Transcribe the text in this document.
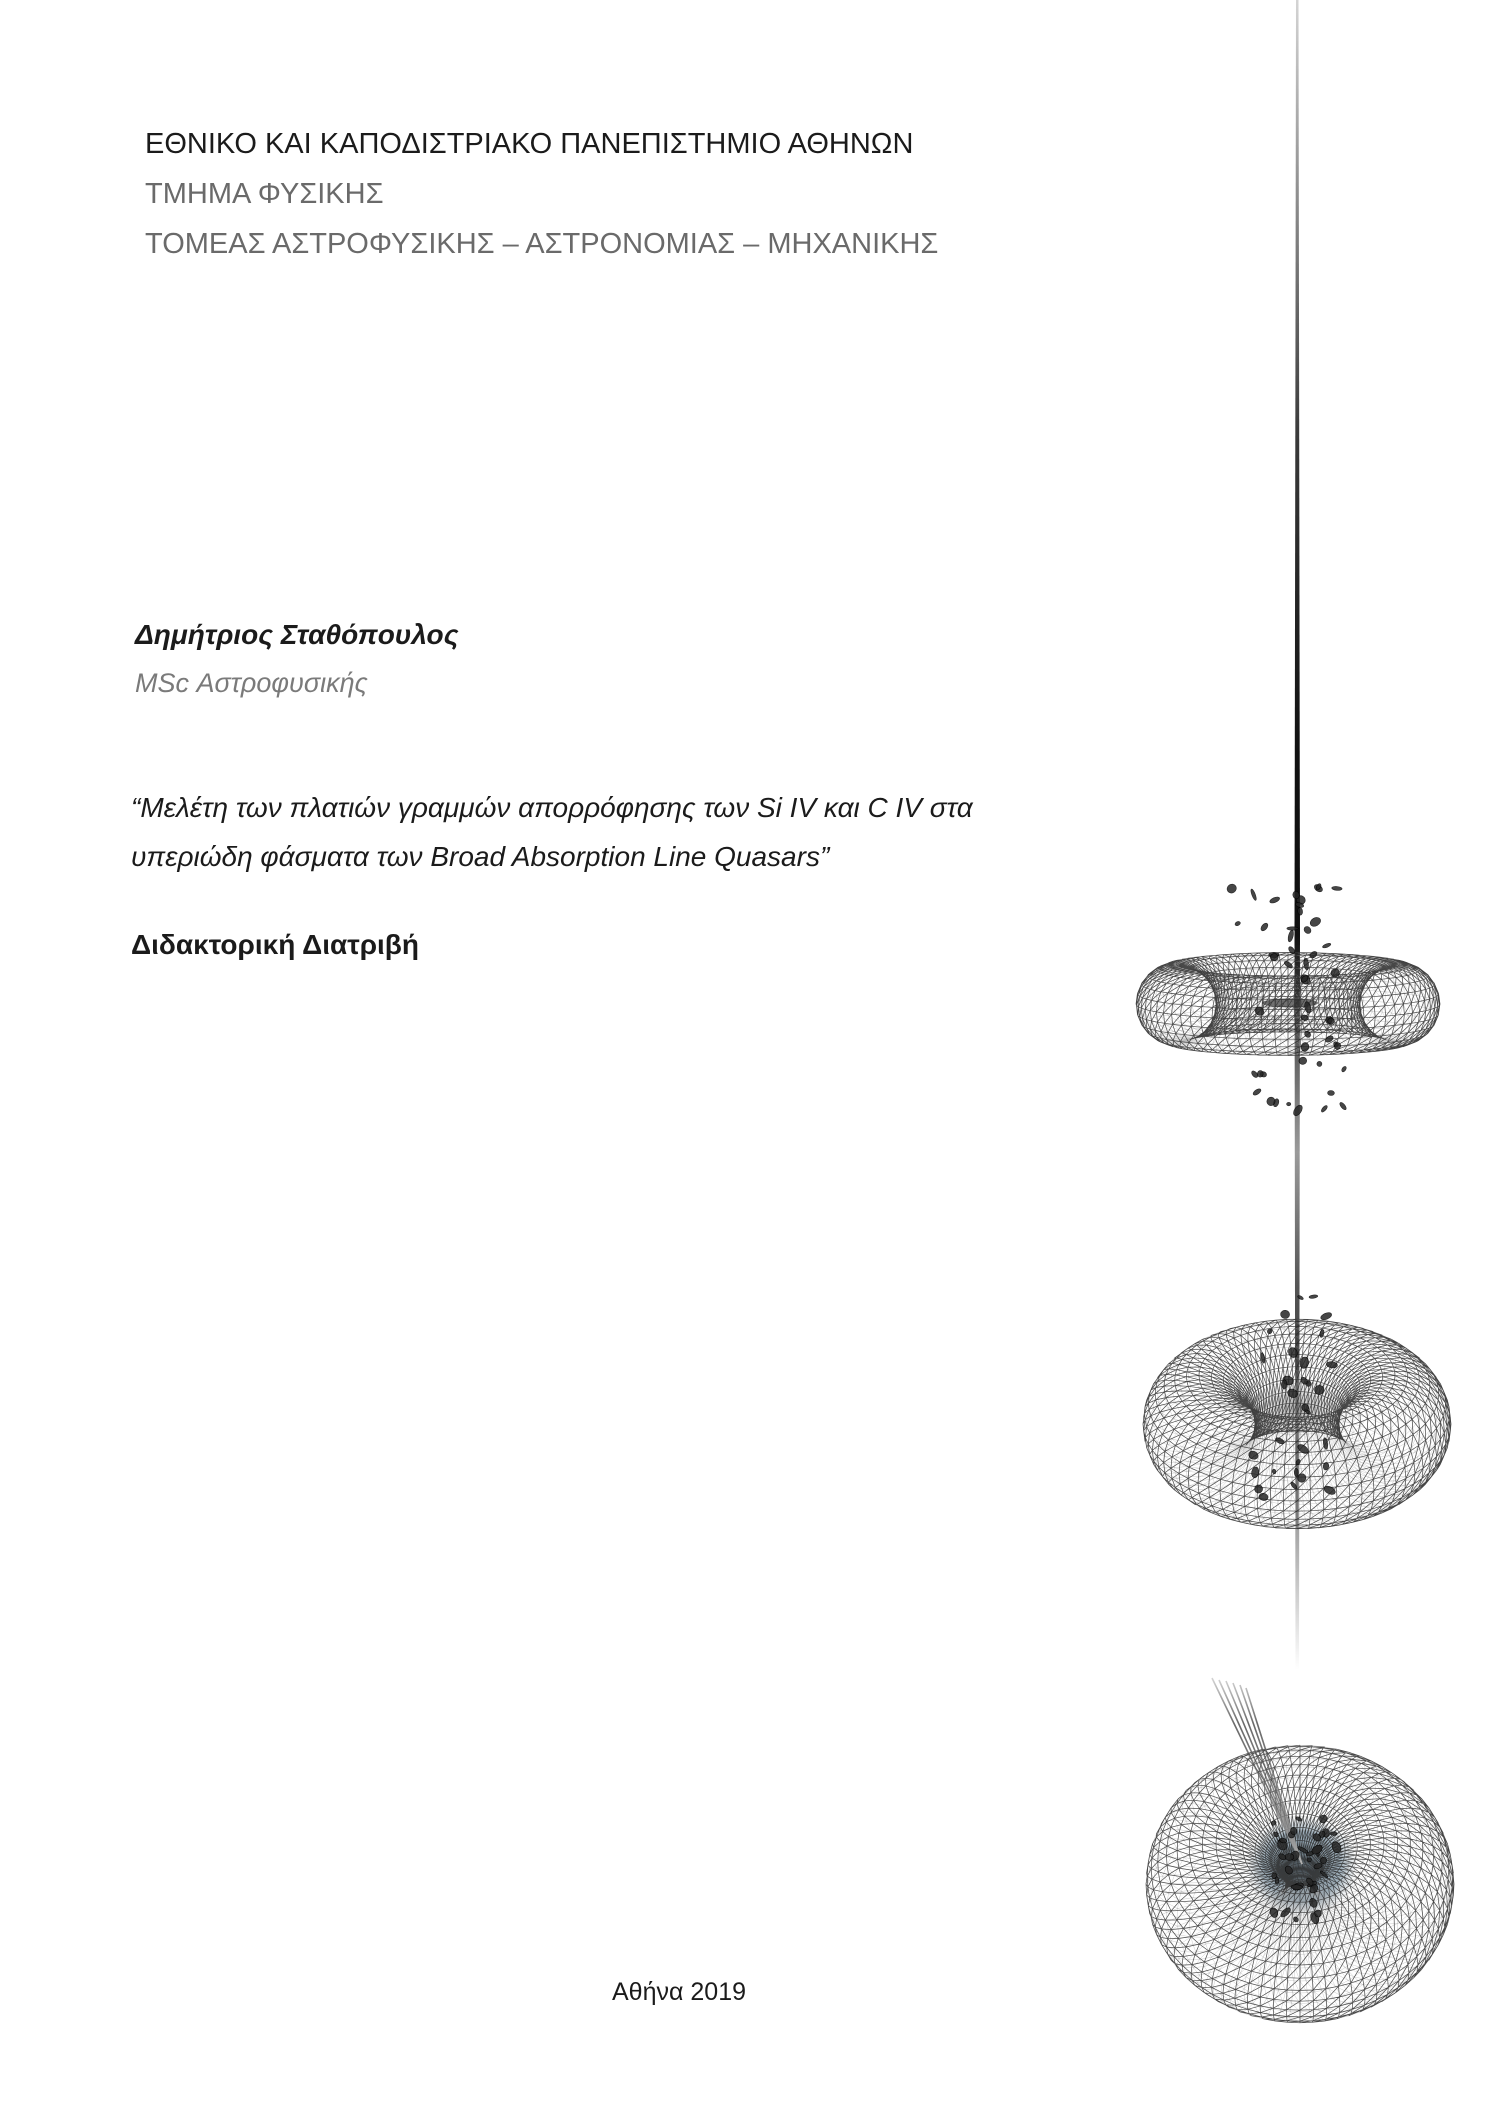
ΕΘΝΙΚΟ ΚΑΙ ΚΑΠΟΔΙΣΤΡΙΑΚΟ ΠΑΝΕΠΙΣΤΗΜΙΟ ΑΘΗΝΩΝ
ΤΜΗΜΑ ΦΥΣΙΚΗΣ
ΤΟΜΕΑΣ ΑΣΤΡΟΦΥΣΙΚΗΣ – ΑΣΤΡΟΝΟΜΙΑΣ – ΜΗΧΑΝΙΚΗΣ
Δημήτριος Σταθόπουλος
MSc Αστροφυσικής
“Μελέτη των πλατιών γραμμών απορρόφησης των Si IV και C IV στα
υπεριώδη φάσματα των Broad Absorption Line Quasars”
Διδακτορική Διατριβή
Αθήνα 2019
